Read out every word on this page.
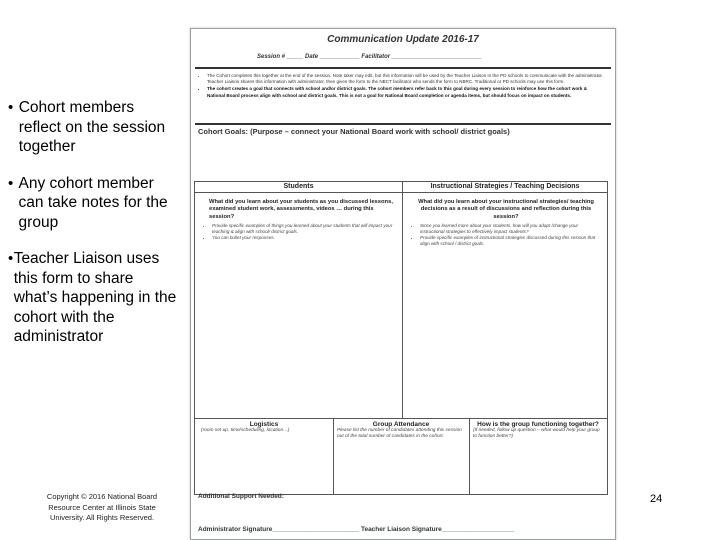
• Cohort members reflect on the session together
• Any cohort member can take notes for the group
• Teacher Liaison uses this form to share what’s happening in the cohort with the administrator
Copyright © 2016 National Board Resource Center at Illinois State University. All Rights Reserved.
24
Communication Update 2016-17
Session # _____ Date ____________ Facilitator ___________________________
• The Cohort completes this together at the end of the session. Note taker may edit, but this information will be used by the Teacher Liaison in the PD schools to communicate with the administrator. Teacher Liaison shares this information with administrator, then gives the form to the NBCT facilitator who sends the form to NBRC. Traditional or PD schools may use this form.
• The cohort creates a goal that connects with school and/or district goals. The cohort members refer back to this goal during every session to reinforce how the cohort work & National Board process align with school and district goals. This is not a goal for National Board completion or agenda items, but should focus on impact on students.
Cohort Goals: (Purpose – connect your National Board work with school/ district goals)
Students
What did you learn about your students as you discussed lessons, examined student work, assessments, videos … during this session?
• Provide specific examples of things you learned about your students that will impact your teaching & align with school/ district goals.
• You can bullet your responses.
Instructional Strategies / Teaching Decisions
What did you learn about your instructional strategies/ teaching decisions as a result of discussions and reflection during this session?
• Since you learned more about your students, how will you adapt /change your instructional strategies to effectively impact students?
• Provide specific examples of instructional strategies discussed during this session that align with school / district goals.
Logistics
(room set up, time/scheduling, location…)
Group Attendance
Please list the number of candidates attending this session out of the total number of candidates in the cohort.
How is the group functioning together?
(If needed, follow up question – what would help your group to function better?)
Additional Support Needed:
Administrator Signature________________________ Teacher Liaison Signature____________________
